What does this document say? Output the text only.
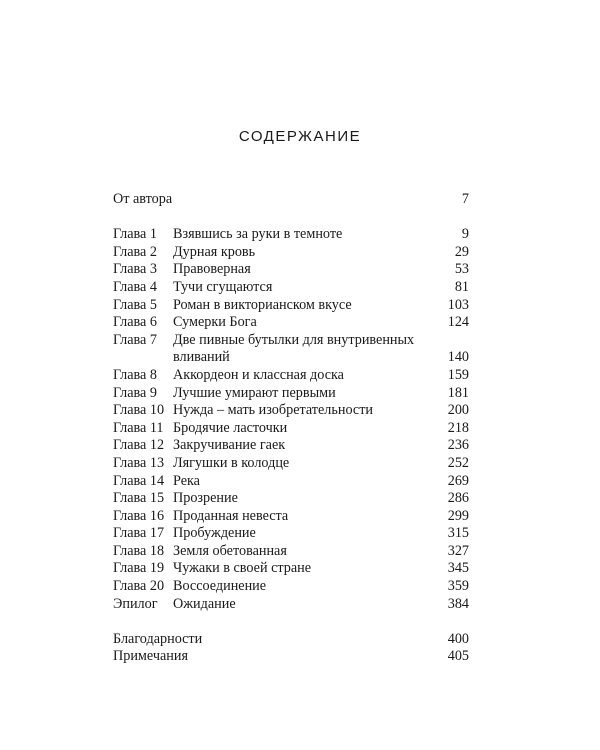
СОДЕРЖАНИЕ
От автора	7
Глава 1 Взявшись за руки в темноте	9
Глава 2 Дурная кровь	29
Глава 3 Правоверная	53
Глава 4 Тучи сгущаются	81
Глава 5 Роман в викторианском вкусе	103
Глава 6 Сумерки Бога	124
Глава 7 Две пивные бутылки для внутривенных вливаний	140
Глава 8 Аккордеон и классная доска	159
Глава 9 Лучшие умирают первыми	181
Глава 10 Нужда – мать изобретательности	200
Глава 11 Бродячие ласточки	218
Глава 12 Закручивание гаек	236
Глава 13 Лягушки в колодце	252
Глава 14 Река	269
Глава 15 Прозрение	286
Глава 16 Проданная невеста	299
Глава 17 Пробуждение	315
Глава 18 Земля обетованная	327
Глава 19 Чужаки в своей стране	345
Глава 20 Воссоединение	359
Эпилог Ожидание	384
Благодарности	400
Примечания	405
